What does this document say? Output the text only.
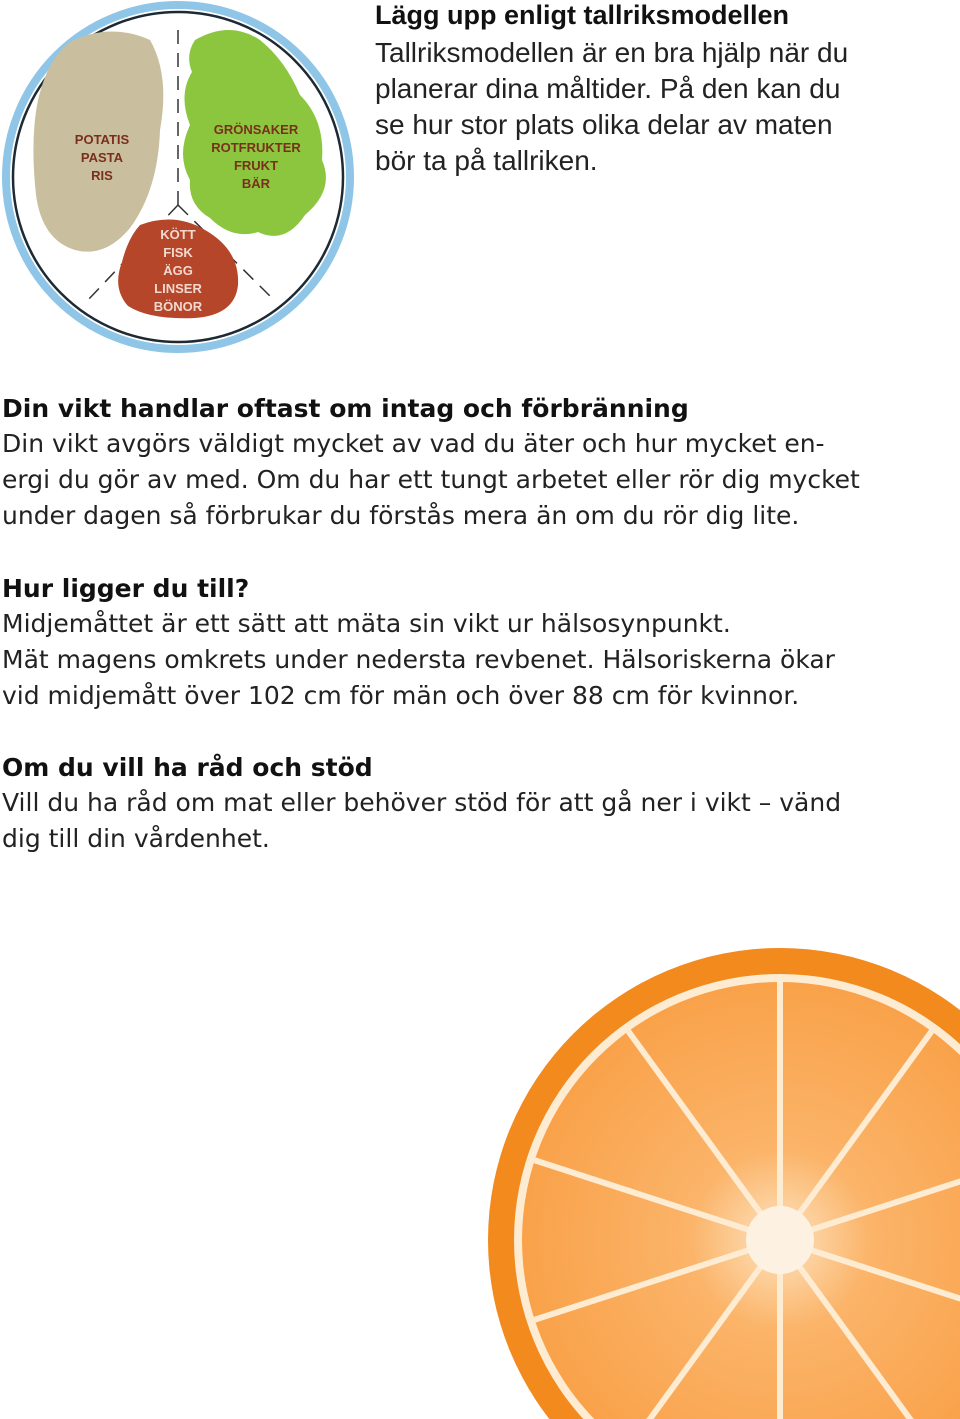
POTATIS
PASTA
RIS
GRÖNSAKER
ROTFRUKTER
FRUKT
BÄR
KÖTT
FISK
ÄGG
LINSER
BÖNOR
Lägg upp enligt tallriksmodellen

Tallriksmodellen är en bra hjälp när du
planerar dina måltider. På den kan du
se hur stor plats olika delar av maten
bör ta på tallriken.

Din vikt handlar oftast om intag och förbränning

Din vikt avgörs väldigt mycket av vad du äter och hur mycket en-
ergi du gör av med. Om du har ett tungt arbetet eller rör dig mycket
under dagen så förbrukar du förstås mera än om du rör dig lite.

Hur ligger du till?

Midjemåttet är ett sätt att mäta sin vikt ur hälsosynpunkt.
Mät magens omkrets under nedersta revbenet. Hälsoriskerna ökar
vid midjemått över 102 cm för män och över 88 cm för kvinnor.

Om du vill ha råd och stöd

Vill du ha råd om mat eller behöver stöd för att gå ner i vikt – vänd
dig till din vårdenhet.
